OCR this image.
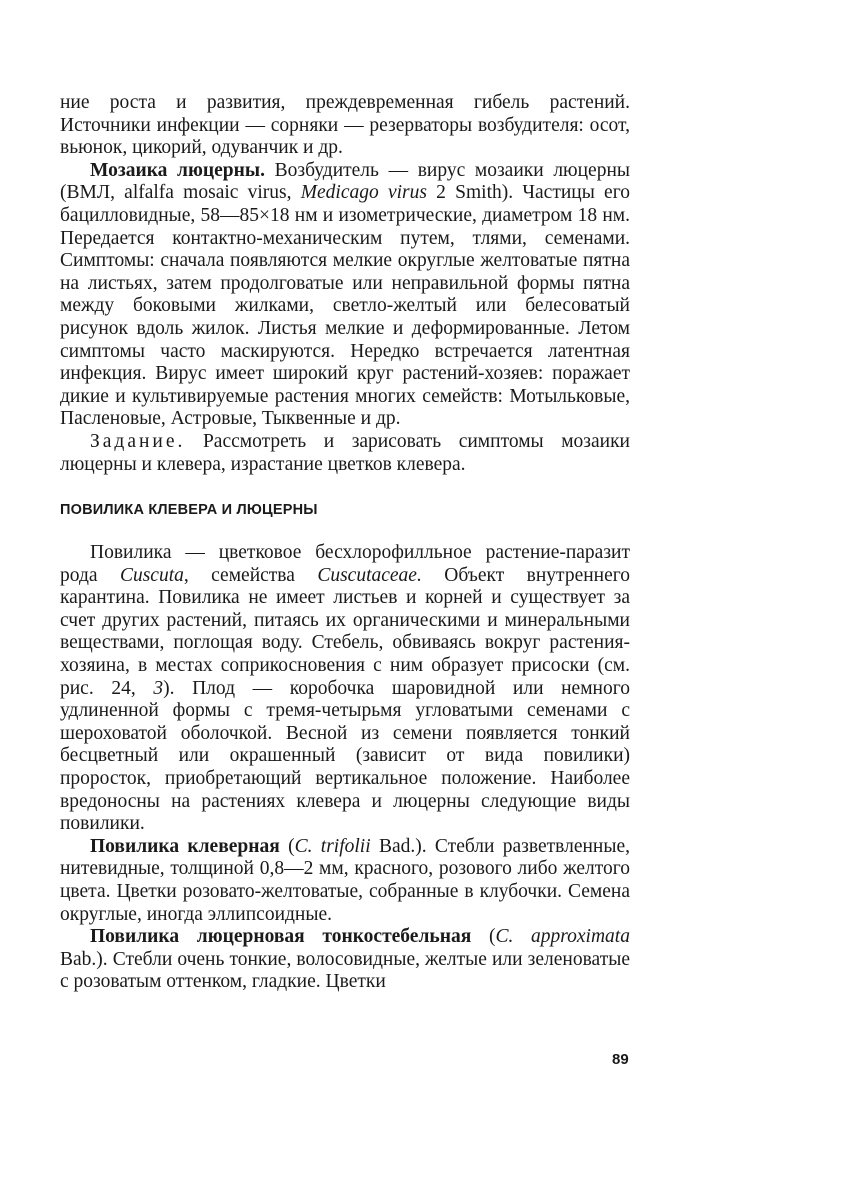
ние роста и развития, преждевременная гибель растений. Источники инфекции — сорняки — резерваторы возбудителя: осот, вьюнок, цикорий, одуванчик и др.

Мозаика люцерны. Возбудитель — вирус мозаики люцерны (ВМЛ, alfalfa mosaic virus, Medicago virus 2 Smith). Частицы его бацилловидные, 58—85×18 нм и изометрические, диаметром 18 нм. Передается контактно-механическим путем, тлями, семенами. Симптомы: сначала появляются мелкие округлые желтоватые пятна на листьях, затем продолговатые или неправильной формы пятна между боковыми жилками, светло-желтый или белесоватый рисунок вдоль жилок. Листья мелкие и деформированные. Летом симптомы часто маскируются. Нередко встречается латентная инфекция. Вирус имеет широкий круг растений-хозяев: поражает дикие и культивируемые растения многих семейств: Мотыльковые, Пасленовые, Астровые, Тыквенные и др.

Задание. Рассмотреть и зарисовать симптомы мозаики люцерны и клевера, израстание цветков клевера.

ПОВИЛИКА КЛЕВЕРА И ЛЮЦЕРНЫ

Повилика — цветковое бесхлорофилльное растение-паразит рода Cuscuta, семейства Cuscutaceae. Объект внутреннего карантина. Повилика не имеет листьев и корней и существует за счет других растений, питаясь их органическими и минеральными веществами, поглощая воду. Стебель, обвиваясь вокруг растения-хозяина, в местах соприкосновения с ним образует присоски (см. рис. 24, 3). Плод — коробочка шаровидной или немного удлиненной формы с тремя-четырьмя угловатыми семенами с шероховатой оболочкой. Весной из семени появляется тонкий бесцветный или окрашенный (зависит от вида повилики) проросток, приобретающий вертикальное положение. Наиболее вредоносны на растениях клевера и люцерны следующие виды повилики.

Повилика клеверная (C. trifolii Bad.). Стебли разветвленные, нитевидные, толщиной 0,8—2 мм, красного, розового либо желтого цвета. Цветки розовато-желтоватые, собранные в клубочки. Семена округлые, иногда эллипсоидные.

Повилика люцерновая тонкостебельная (C. approximata Bab.). Стебли очень тонкие, волосовидные, желтые или зеленоватые с розоватым оттенком, гладкие. Цветки

89
